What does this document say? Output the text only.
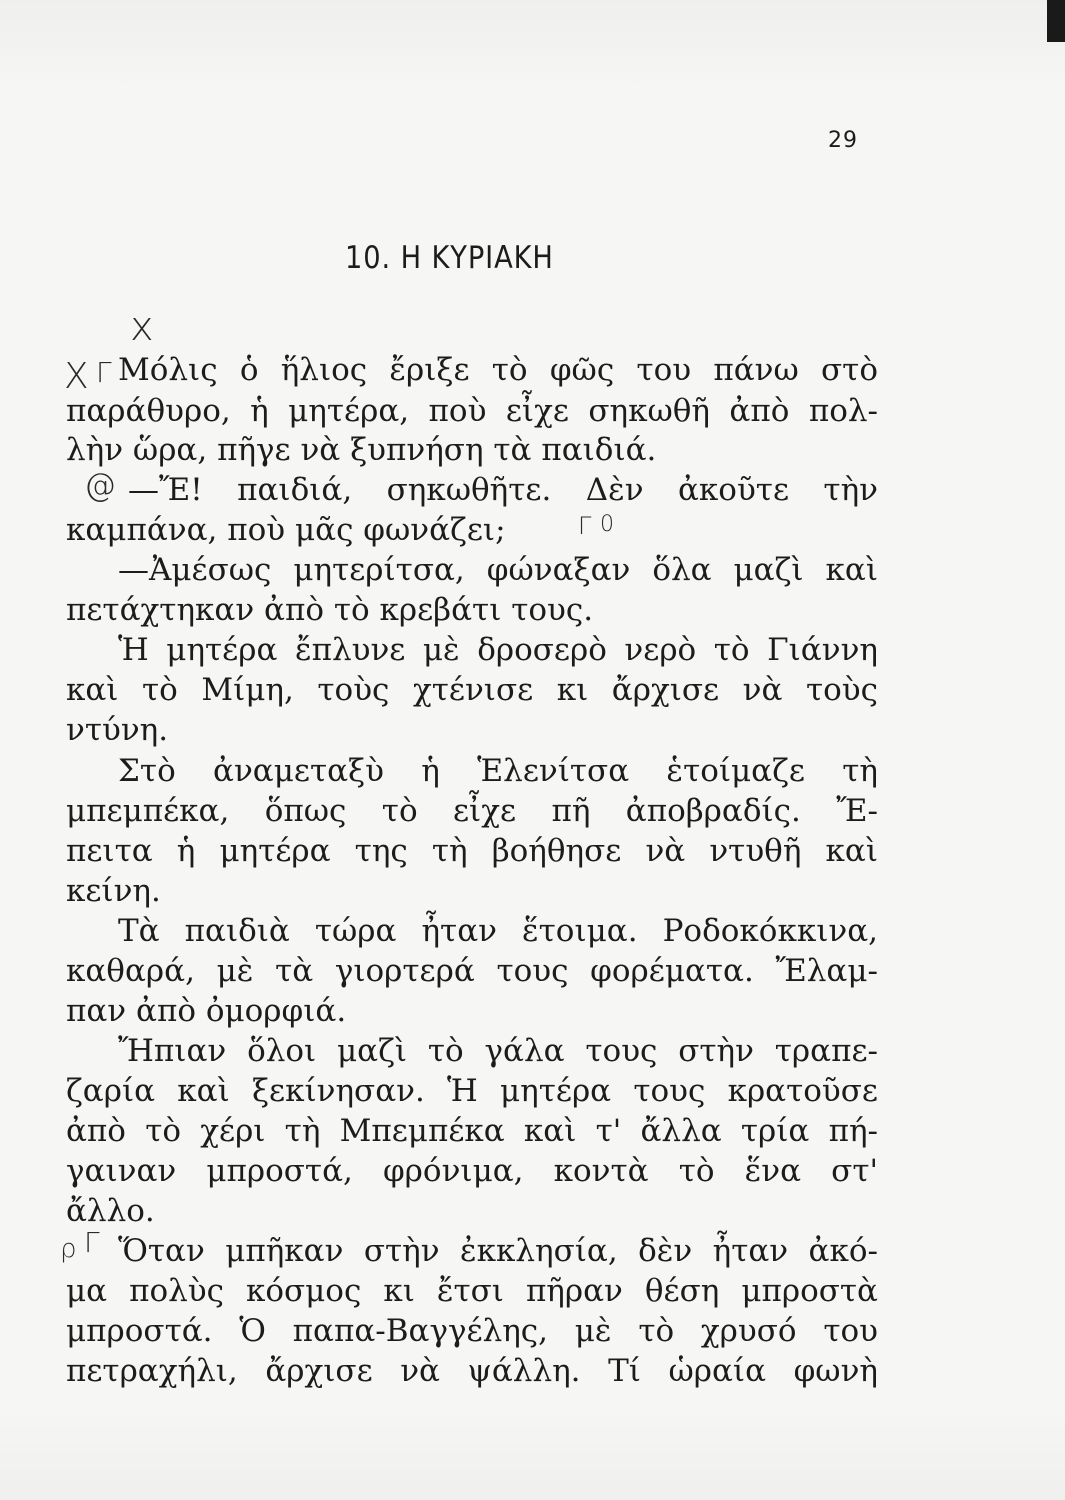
29
10. Η ΚΥΡΙΑΚΗ
x
X Γ
@
Γ 0
ρ Γ
Μόλις ὁ ἥλιος ἔριξε τὸ φῶς του πάνω στὸ
παράθυρο, ἡ μητέρα, ποὺ εἶχε σηκωθῆ ἀπὸ πολ-
λὴν ὥρα, πῆγε νὰ ξυπνήση τὰ παιδιά.
—Ἔ! παιδιά, σηκωθῆτε. Δὲν ἀκοῦτε τὴν
καμπάνα, ποὺ μᾶς φωνάζει;
—Ἀμέσως μητερίτσα, φώναξαν ὅλα μαζὶ καὶ
πετάχτηκαν ἀπὸ τὸ κρεβάτι τους.
Ἡ μητέρα ἔπλυνε μὲ δροσερὸ νερὸ τὸ Γιάννη
καὶ τὸ Μίμη, τοὺς χτένισε κι ἄρχισε νὰ τοὺς
ντύνη.
Στὸ ἀναμεταξὺ ἡ Ἑλενίτσα ἑτοίμαζε τὴ
μπεμπέκα, ὅπως τὸ εἶχε πῆ ἀποβραδίς. Ἔ-
πειτα ἡ μητέρα της τὴ βοήθησε νὰ ντυθῆ καὶ
κείνη.
Τὰ παιδιὰ τώρα ἦταν ἕτοιμα. Ροδοκόκκινα,
καθαρά, μὲ τὰ γιορτερά τους φορέματα. Ἔλαμ-
παν ἀπὸ ὀμορφιά.
Ἤπιαν ὅλοι μαζὶ τὸ γάλα τους στὴν τραπε-
ζαρία καὶ ξεκίνησαν. Ἡ μητέρα τους κρατοῦσε
ἀπὸ τὸ χέρι τὴ Μπεμπέκα καὶ τ' ἄλλα τρία πή-
γαιναν μπροστά, φρόνιμα, κοντὰ τὸ ἕνα στ'
ἄλλο.
Ὅταν μπῆκαν στὴν ἐκκλησία, δὲν ἦταν ἀκό-
μα πολὺς κόσμος κι ἔτσι πῆραν θέση μπροστὰ
μπροστά. Ὁ παπα-Βαγγέλης, μὲ τὸ χρυσό του
πετραχήλι, ἄρχισε νὰ ψάλλη. Τί ὡραία φωνὴ
